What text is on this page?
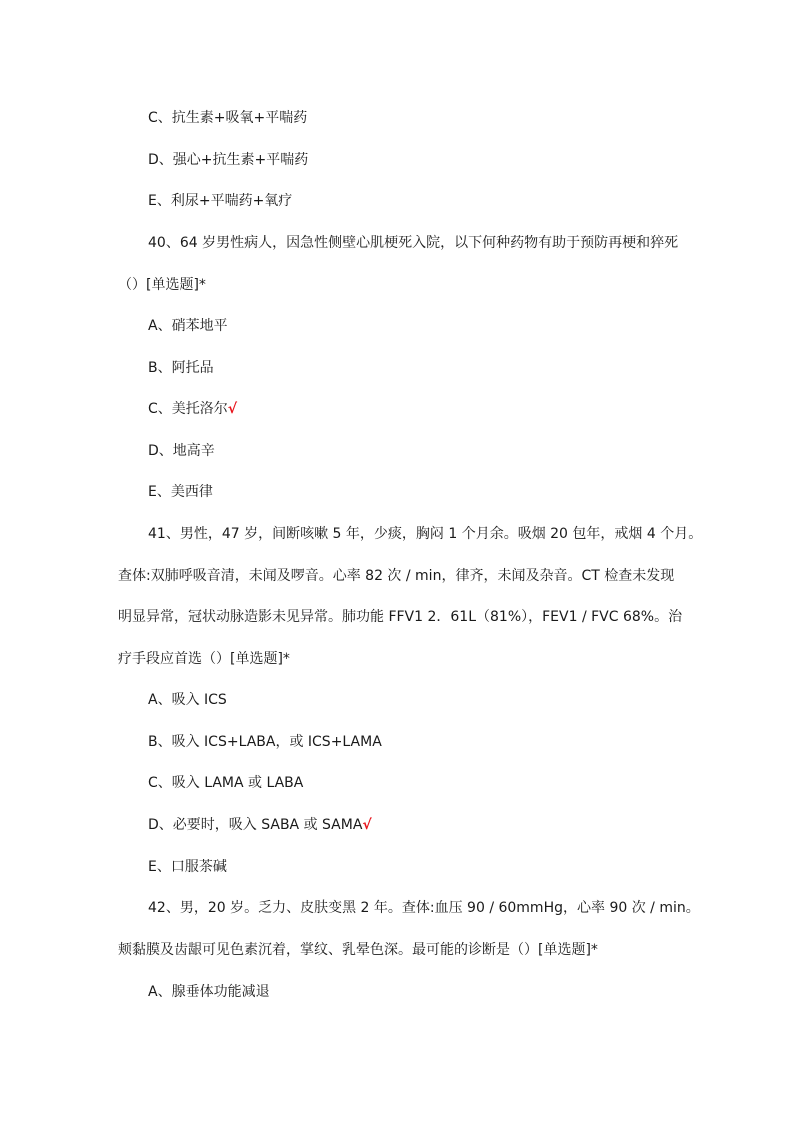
C、抗生素+吸氧+平喘药
D、强心+抗生素+平喘药
E、利尿+平喘药+氧疗
40、64 岁男性病人，因急性侧壁心肌梗死入院，以下何种药物有助于预防再梗和猝死
（）[单选题]*
A、硝苯地平
B、阿托品
C、美托洛尔√
D、地高辛
E、美西律
41、男性，47 岁，间断咳嗽 5 年，少痰，胸闷 1 个月余。吸烟 20 包年，戒烟 4 个月。
查体:双肺呼吸音清，未闻及啰音。心率 82 次 / min，律齐，未闻及杂音。CT 检查未发现
明显异常，冠状动脉造影未见异常。肺功能 FFV1 2．61L（81%），FEV1 / FVC 68%。治
疗手段应首选（）[单选题]*
A、吸入 ICS
B、吸入 ICS+LABA，或 ICS+LAMA
C、吸入 LAMA 或 LABA
D、必要时，吸入 SABA 或 SAMA√
E、口服茶碱
42、男，20 岁。乏力、皮肤变黑 2 年。查体:血压 90 / 60mmHg，心率 90 次 / min。
颊黏膜及齿龈可见色素沉着，掌纹、乳晕色深。最可能的诊断是（）[单选题]*
A、腺垂体功能减退
